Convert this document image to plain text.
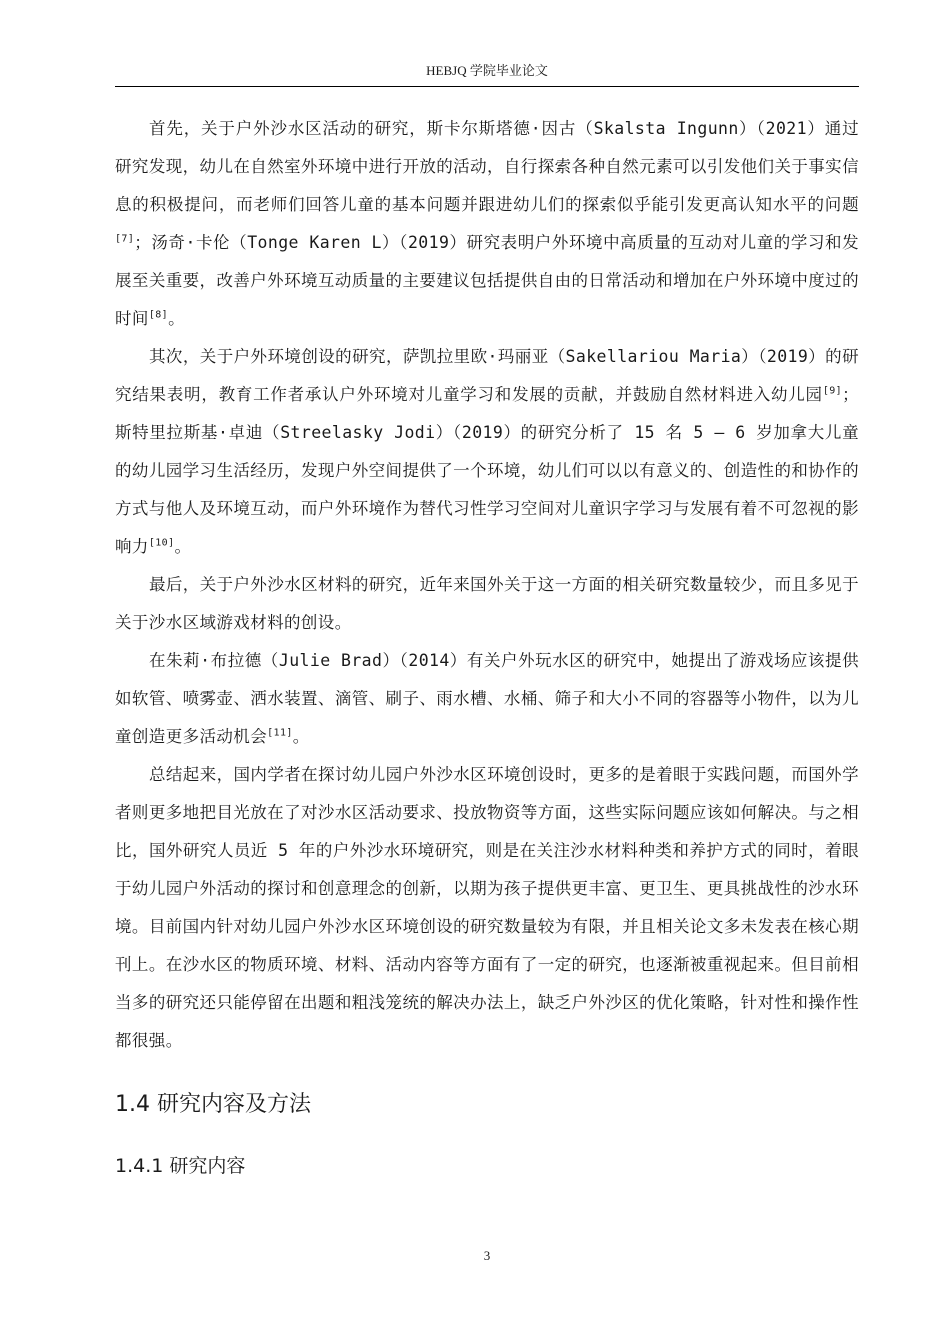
HEBJQ 学院毕业论文

首先，关于户外沙水区活动的研究，斯卡尔斯塔德·因古（Skalsta Ingunn）（2021）通过研究发现，幼儿在自然室外环境中进行开放的活动，自行探索各种自然元素可以引发他们关于事实信息的积极提问，而老师们回答儿童的基本问题并跟进幼儿们的探索似乎能引发更高认知水平的问题[7]；汤奇·卡伦（Tonge Karen L）（2019）研究表明户外环境中高质量的互动对儿童的学习和发展至关重要，改善户外环境互动质量的主要建议包括提供自由的日常活动和增加在户外环境中度过的时间[8]。

其次，关于户外环境创设的研究，萨凯拉里欧·玛丽亚（Sakellariou Maria）（2019）的研究结果表明，教育工作者承认户外环境对儿童学习和发展的贡献，并鼓励自然材料进入幼儿园[9]；斯特里拉斯基·卓迪（Streelasky Jodi）（2019）的研究分析了 15 名 5 – 6 岁加拿大儿童的幼儿园学习生活经历，发现户外空间提供了一个环境，幼儿们可以以有意义的、创造性的和协作的方式与他人及环境互动，而户外环境作为替代习性学习空间对儿童识字学习与发展有着不可忽视的影响力[10]。

最后，关于户外沙水区材料的研究，近年来国外关于这一方面的相关研究数量较少，而且多见于关于沙水区域游戏材料的创设。

在朱莉·布拉德（Julie Brad）（2014）有关户外玩水区的研究中，她提出了游戏场应该提供如软管、喷雾壶、洒水装置、滴管、刷子、雨水槽、水桶、筛子和大小不同的容器等小物件，以为儿童创造更多活动机会[11]。

总结起来，国内学者在探讨幼儿园户外沙水区环境创设时，更多的是着眼于实践问题，而国外学者则更多地把目光放在了对沙水区活动要求、投放物资等方面，这些实际问题应该如何解决。与之相比，国外研究人员近 5 年的户外沙水环境研究，则是在关注沙水材料种类和养护方式的同时，着眼于幼儿园户外活动的探讨和创意理念的创新，以期为孩子提供更丰富、更卫生、更具挑战性的沙水环境。目前国内针对幼儿园户外沙水区环境创设的研究数量较为有限，并且相关论文多未发表在核心期刊上。在沙水区的物质环境、材料、活动内容等方面有了一定的研究，也逐渐被重视起来。但目前相当多的研究还只能停留在出题和粗浅笼统的解决办法上，缺乏户外沙区的优化策略，针对性和操作性都很强。

1.4 研究内容及方法
1.4.1 研究内容
3
